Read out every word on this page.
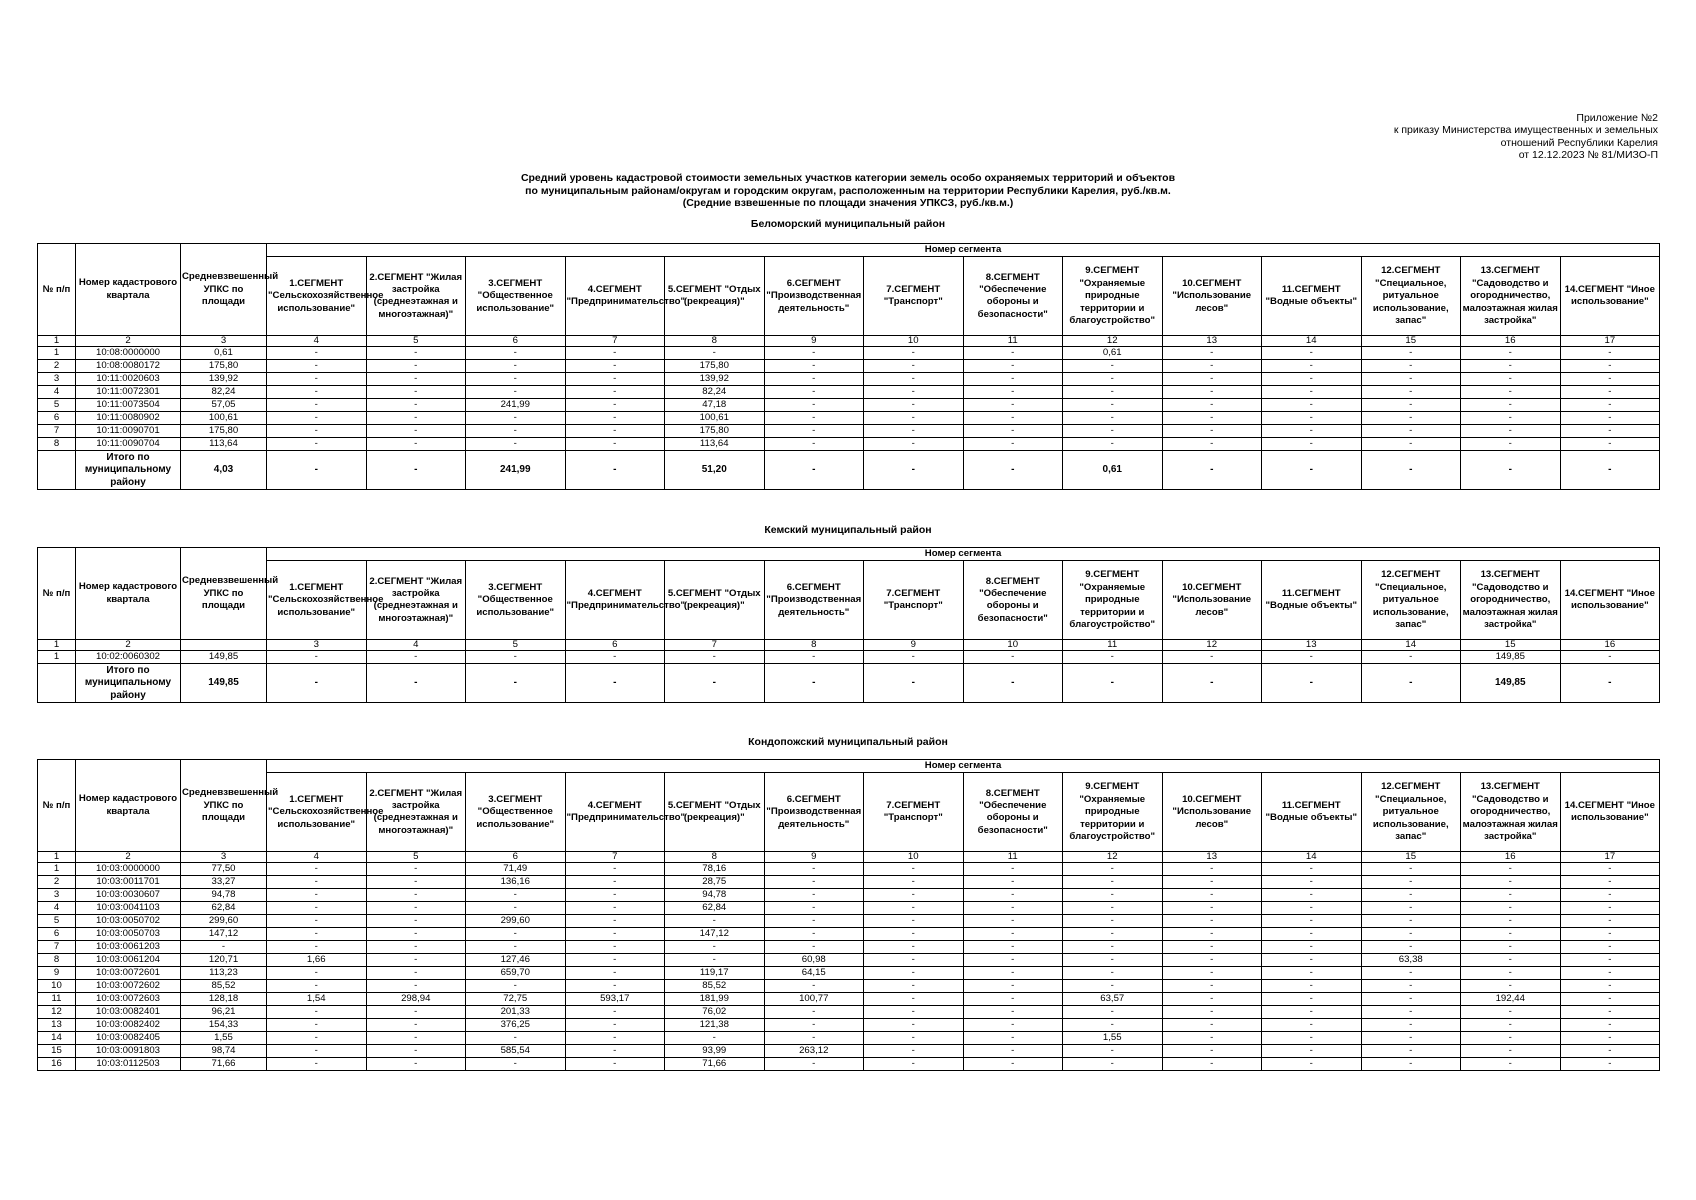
Приложение №2
к приказу Министерства имущественных и земельных
отношений Республики Карелия
от 12.12.2023 № 81/МИЗО-П
Средний уровень кадастровой стоимости земельных участков категории земель особо охраняемых территорий и объектов
по муниципальным районам/округам и городским округам, расположенным на территории Республики Карелия, руб./кв.м.
(Средние взвешенные по площади значения УПКСЗ, руб./кв.м.)
Беломорский муниципальный район
№ п/п	Номер кадастрового квартала	Средневзвешенный УПКС по площади	Номер сегмента													
			1.СЕГМЕНТ "Сельскохозяйственное использование"	2.СЕГМЕНТ "Жилая застройка (среднеэтажная и многоэтажная)"	3.СЕГМЕНТ "Общественное использование"	4.СЕГМЕНТ "Предпринимательство"	5.СЕГМЕНТ "Отдых (рекреация)"	6.СЕГМЕНТ "Производственная деятельность"	7.СЕГМЕНТ "Транспорт"	8.СЕГМЕНТ "Обеспечение обороны и безопасности"	9.СЕГМЕНТ "Охраняемые природные территории и благоустройство"	10.СЕГМЕНТ "Использование лесов"	11.СЕГМЕНТ "Водные объекты"	12.СЕГМЕНТ "Специальное, ритуальное использование, запас"	13.СЕГМЕНТ "Садоводство и огородничество, малоэтажная жилая застройка"	14.СЕГМЕНТ "Иное использование"
1	2	3	4	5	6	7	8	9	10	11	12	13	14	15	16	17
1	10:08:0000000	0,61	-	-	-	-	-	-	-	-	0,61	-	-	-	-	-
2	10:08:0080172	175,80	-	-	-	-	175,80	-	-	-	-	-	-	-	-	-
3	10:11:0020603	139,92	-	-	-	-	139,92	-	-	-	-	-	-	-	-	-
4	10:11:0072301	82,24	-	-	-	-	82,24	-	-	-	-	-	-	-	-	-
5	10:11:0073504	57,05	-	-	241,99	-	47,18	-	-	-	-	-	-	-	-	-
6	10:11:0080902	100,61	-	-	-	-	100,61	-	-	-	-	-	-	-	-	-
7	10:11:0090701	175,80	-	-	-	-	175,80	-	-	-	-	-	-	-	-	-
8	10:11:0090704	113,64	-	-	-	-	113,64	-	-	-	-	-	-	-	-	-
	Итого по муниципальному району	4,03	-	-	241,99	-	51,20	-	-	-	0,61	-	-	-	-	-
Кемский муниципальный район
№ п/п	Номер кадастрового квартала	Средневзвешенный УПКС по площади	Номер сегмента													
			1.СЕГМЕНТ "Сельскохозяйственное использование"	2.СЕГМЕНТ "Жилая застройка (среднеэтажная и многоэтажная)"	3.СЕГМЕНТ "Общественное использование"	4.СЕГМЕНТ "Предпринимательство"	5.СЕГМЕНТ "Отдых (рекреация)"	6.СЕГМЕНТ "Производственная деятельность"	7.СЕГМЕНТ "Транспорт"	8.СЕГМЕНТ "Обеспечение обороны и безопасности"	9.СЕГМЕНТ "Охраняемые природные территории и благоустройство"	10.СЕГМЕНТ "Использование лесов"	11.СЕГМЕНТ "Водные объекты"	12.СЕГМЕНТ "Специальное, ритуальное использование, запас"	13.СЕГМЕНТ "Садоводство и огородничество, малоэтажная жилая застройка"	14.СЕГМЕНТ "Иное использование"
1	2		3	4	5	6	7	8	9	10	11	12	13	14	15	16
1	10:02:0060302	149,85	-	-	-	-	-	-	-	-	-	-	-	-	149,85	-
	Итого по муниципальному району	149,85	-	-	-	-	-	-	-	-	-	-	-	-	149,85	-
Кондопожский муниципальный район
№ п/п	Номер кадастрового квартала	Средневзвешенный УПКС по площади	Номер сегмента													
			1.СЕГМЕНТ "Сельскохозяйственное использование"	2.СЕГМЕНТ "Жилая застройка (среднеэтажная и многоэтажная)"	3.СЕГМЕНТ "Общественное использование"	4.СЕГМЕНТ "Предпринимательство"	5.СЕГМЕНТ "Отдых (рекреация)"	6.СЕГМЕНТ "Производственная деятельность"	7.СЕГМЕНТ "Транспорт"	8.СЕГМЕНТ "Обеспечение обороны и безопасности"	9.СЕГМЕНТ "Охраняемые природные территории и благоустройство"	10.СЕГМЕНТ "Использование лесов"	11.СЕГМЕНТ "Водные объекты"	12.СЕГМЕНТ "Специальное, ритуальное использование, запас"	13.СЕГМЕНТ "Садоводство и огородничество, малоэтажная жилая застройка"	14.СЕГМЕНТ "Иное использование"
1	2	3	4	5	6	7	8	9	10	11	12	13	14	15	16	17
1	10:03:0000000	77,50	-	-	71,49	-	78,16	-	-	-	-	-	-	-	-	-
2	10:03:0011701	33,27	-	-	136,16	-	28,75	-	-	-	-	-	-	-	-	-
3	10:03:0030607	94,78	-	-	-	-	94,78	-	-	-	-	-	-	-	-	-
4	10:03:0041103	62,84	-	-	-	-	62,84	-	-	-	-	-	-	-	-	-
5	10:03:0050702	299,60	-	-	299,60	-	-	-	-	-	-	-	-	-	-	-
6	10:03:0050703	147,12	-	-	-	-	147,12	-	-	-	-	-	-	-	-	-
7	10:03:0061203	-	-	-	-	-	-	-	-	-	-	-	-	-	-	-
8	10:03:0061204	120,71	1,66	-	127,46	-	-	60,98	-	-	-	-	-	63,38	-	-
9	10:03:0072601	113,23	-	-	659,70	-	119,17	64,15	-	-	-	-	-	-	-	-
10	10:03:0072602	85,52	-	-	-	-	85,52	-	-	-	-	-	-	-	-	-
11	10:03:0072603	128,18	1,54	298,94	72,75	593,17	181,99	100,77	-	-	63,57	-	-	-	192,44	-
12	10:03:0082401	96,21	-	-	201,33	-	76,02	-	-	-	-	-	-	-	-	-
13	10:03:0082402	154,33	-	-	376,25	-	121,38	-	-	-	-	-	-	-	-	-
14	10:03:0082405	1,55	-	-	-	-	-	-	-	-	1,55	-	-	-	-	-
15	10:03:0091803	98,74	-	-	585,54	-	93,99	263,12	-	-	-	-	-	-	-	-
16	10:03:0112503	71,66	-	-	-	-	71,66	-	-	-	-	-	-	-	-	-
